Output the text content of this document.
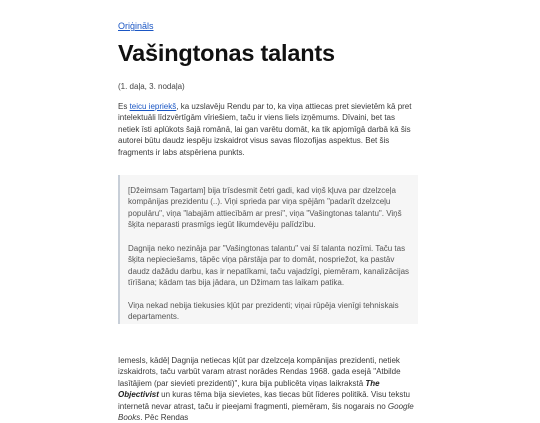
Oriģināls
Vašingtonas talants
(1. daļa, 3. nodaļa)

Es teicu iepriekš, ka uzslavēju Rendu par to, ka viņa attiecas pret sievietēm kā pret intelektuāli līdzvērtīgām vīriešiem, taču ir viens liels izņēmums. Dīvaini, bet tas netiek īsti aplūkots šajā romānā, lai gan varētu domāt, ka tik apjomīgā darbā kā šis autorei būtu daudz iespēju izskaidrot visus savas filozofijas aspektus. Bet šis fragments ir labs atspēriena punkts.

[Džeimsam Tagartam] bija trīsdesmit četri gadi, kad viņš kļuva par dzelzceļa kompānijas prezidentu (..). Viņi sprieda par viņa spējām "padarīt dzelzceļu populāru", viņa "labajām attiecībām ar presi", viņa "Vašingtonas talantu". Viņš šķita neparasti prasmīgs iegūt likumdevēju palīdzību.

Dagnija neko nezināja par "Vašingtonas talantu" vai šī talanta nozīmi. Taču tas šķita nepieciešams, tāpēc viņa pārstāja par to domāt, nospriežot, ka pastāv daudz dažādu darbu, kas ir nepatīkami, taču vajadzīgi, piemēram, kanalizācijas tīrīšana; kādam tas bija jādara, un Džimam tas laikam patika.

Viņa nekad nebija tiekusies kļūt par prezidenti; viņai rūpēja vienīgi tehniskais departaments.

Iemesls, kādēļ Dagnija netiecas kļūt par dzelzceļa kompānijas prezidenti, netiek izskaidrots, taču varbūt varam atrast norādes Rendas 1968. gada esejā "Atbilde lasītājiem (par sievieti prezidenti)", kura bija publicēta viņas laikrakstā The Objectivist un kuras tēma bija sievietes, kas tiecas būt līderes politikā. Visu tekstu internetā nevar atrast, taču ir pieejami fragmenti, piemēram, šis nogarais no Google Books. Pēc Rendas
